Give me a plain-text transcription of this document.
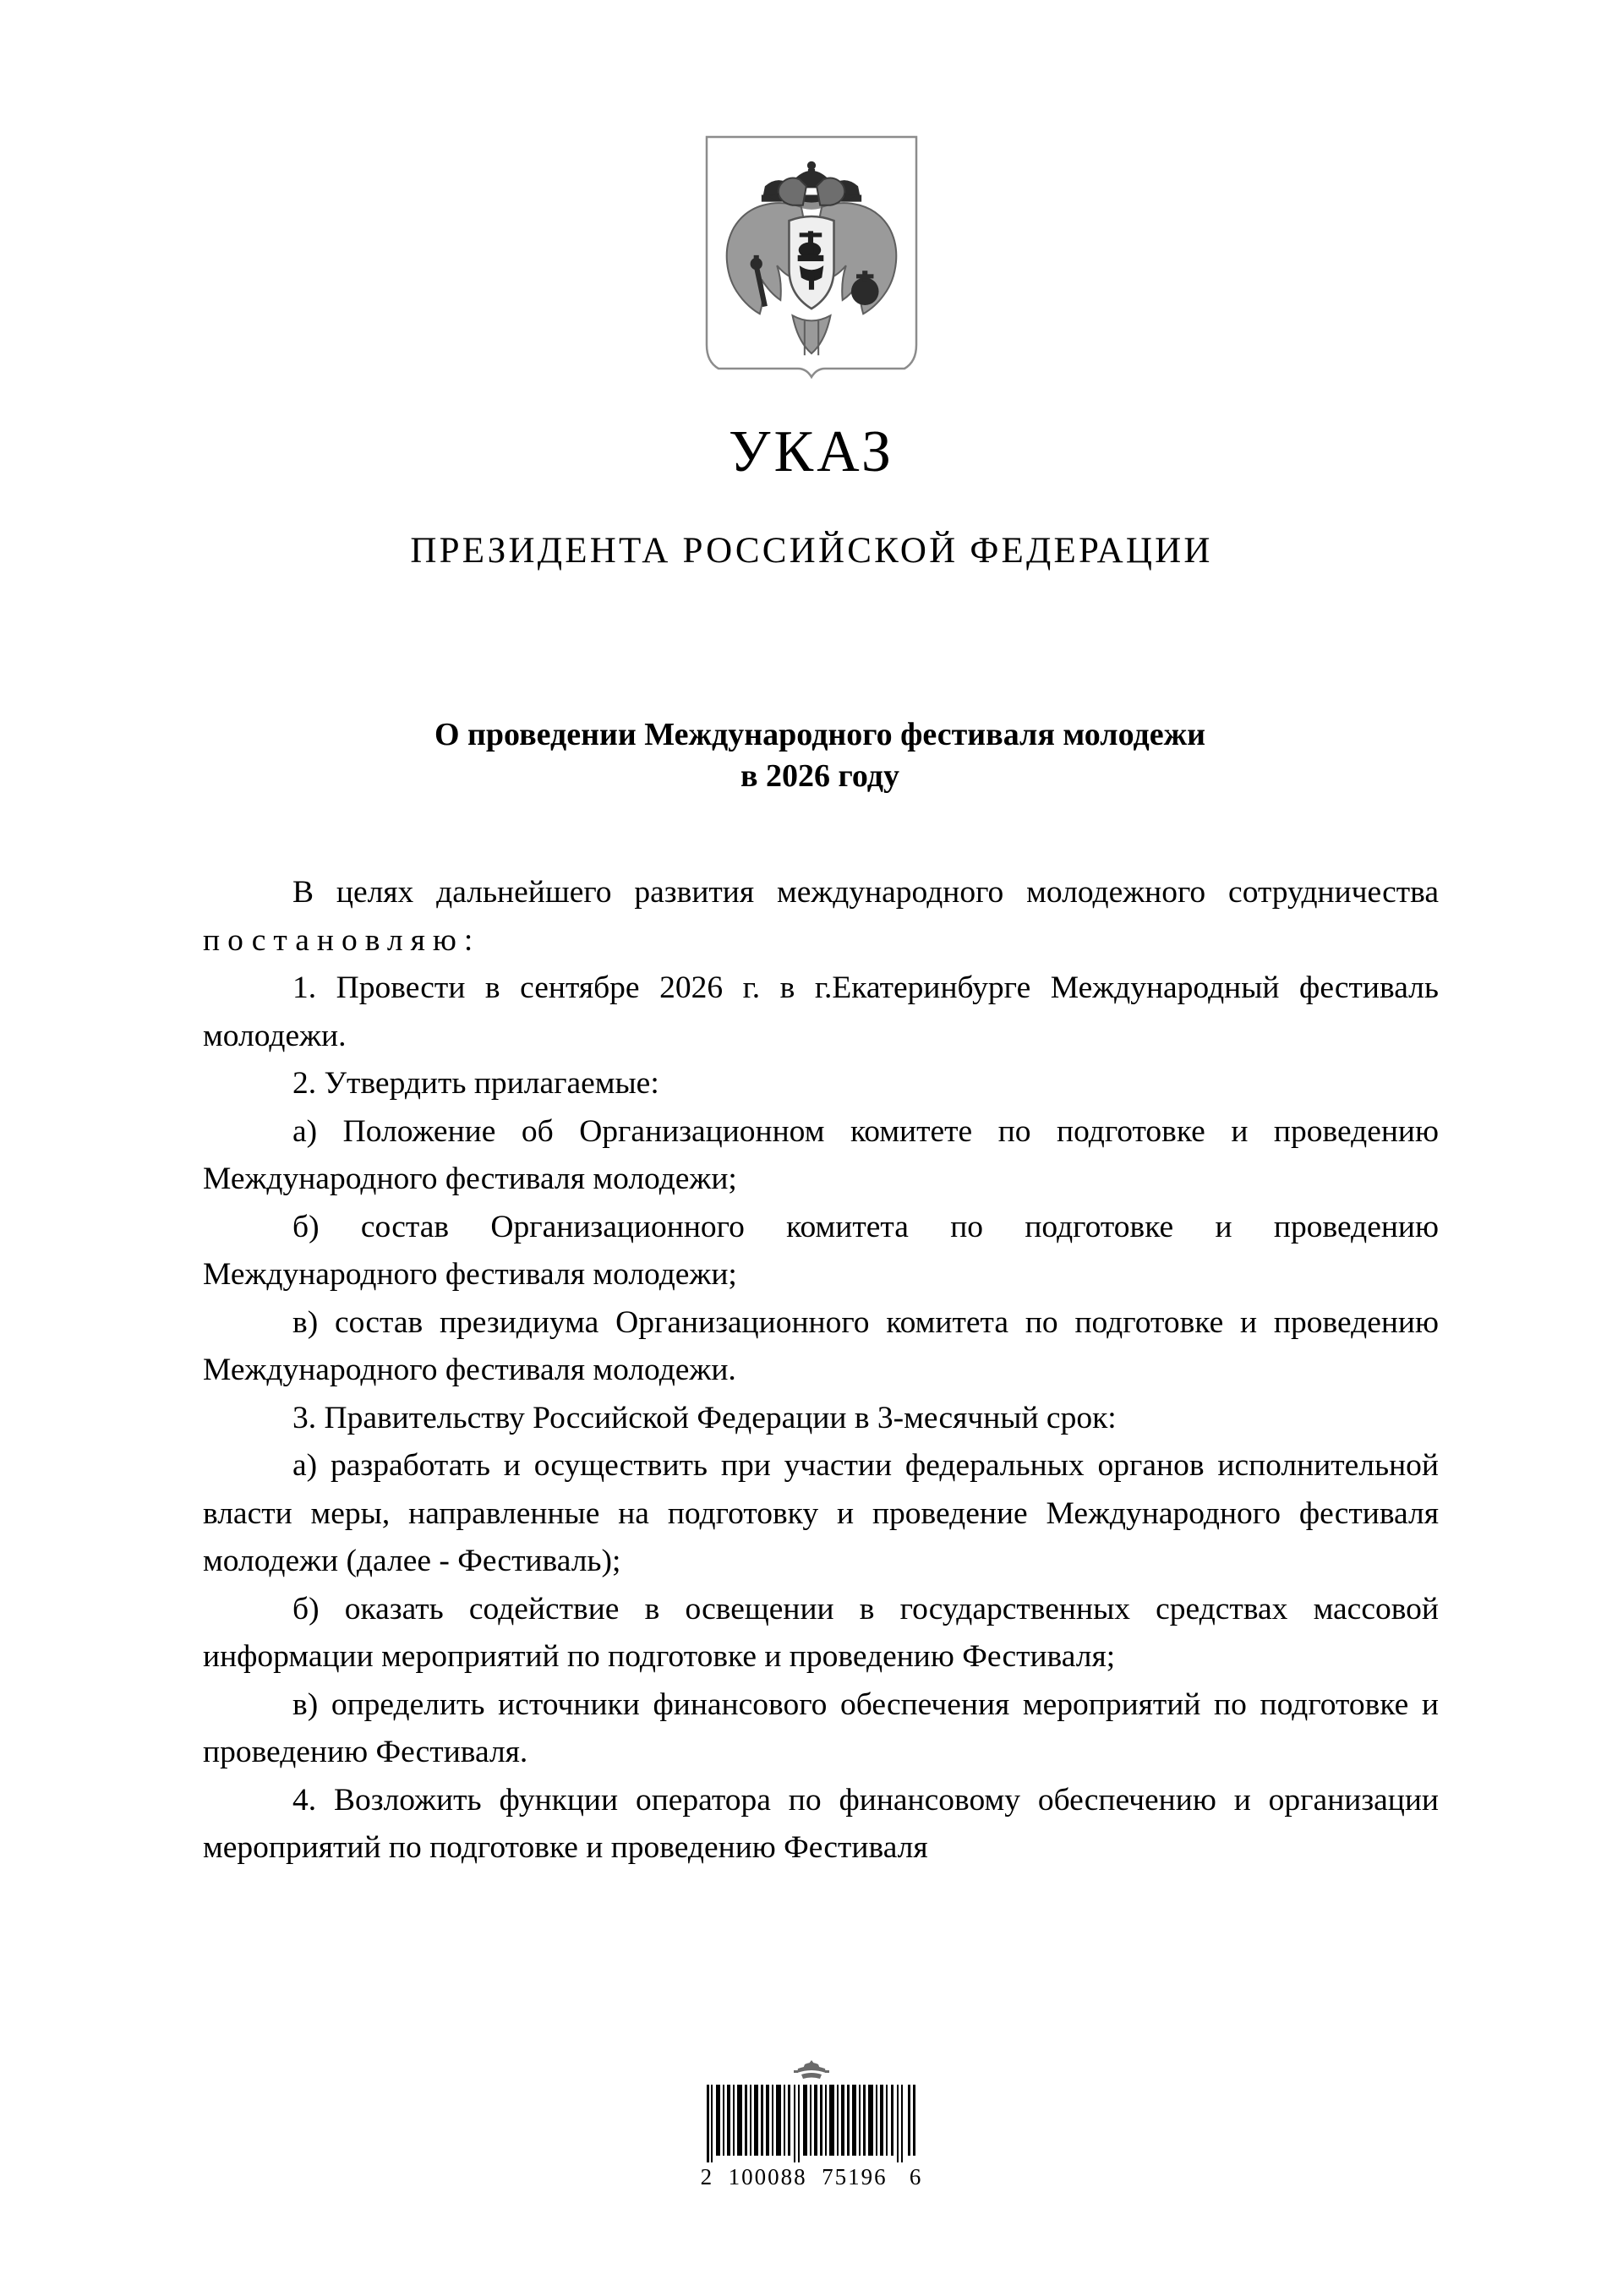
УКАЗ
ПРЕЗИДЕНТА РОССИЙСКОЙ ФЕДЕРАЦИИ
О проведении Международного фестиваля молодежи
в 2026 году

В целях дальнейшего развития международного молодежного сотрудничества постановляю:

1. Провести в сентябре 2026 г. в г.Екатеринбурге Международный фестиваль молодежи.

2. Утвердить прилагаемые:

а) Положение об Организационном комитете по подготовке и проведению Международного фестиваля молодежи;

б) состав Организационного комитета по подготовке и проведению Международного фестиваля молодежи;

в) состав президиума Организационного комитета по подготовке и проведению Международного фестиваля молодежи.

3. Правительству Российской Федерации в 3-месячный срок:

а) разработать и осуществить при участии федеральных органов исполнительной власти меры, направленные на подготовку и проведение Международного фестиваля молодежи (далее - Фестиваль);

б) оказать содействие в освещении в государственных средствах массовой информации мероприятий по подготовке и проведению Фестиваля;

в) определить источники финансового обеспечения мероприятий по подготовке и проведению Фестиваля.

4. Возложить функции оператора по финансовому обеспечению и организации мероприятий по подготовке и проведению Фестиваля

2  100088  75196   6
